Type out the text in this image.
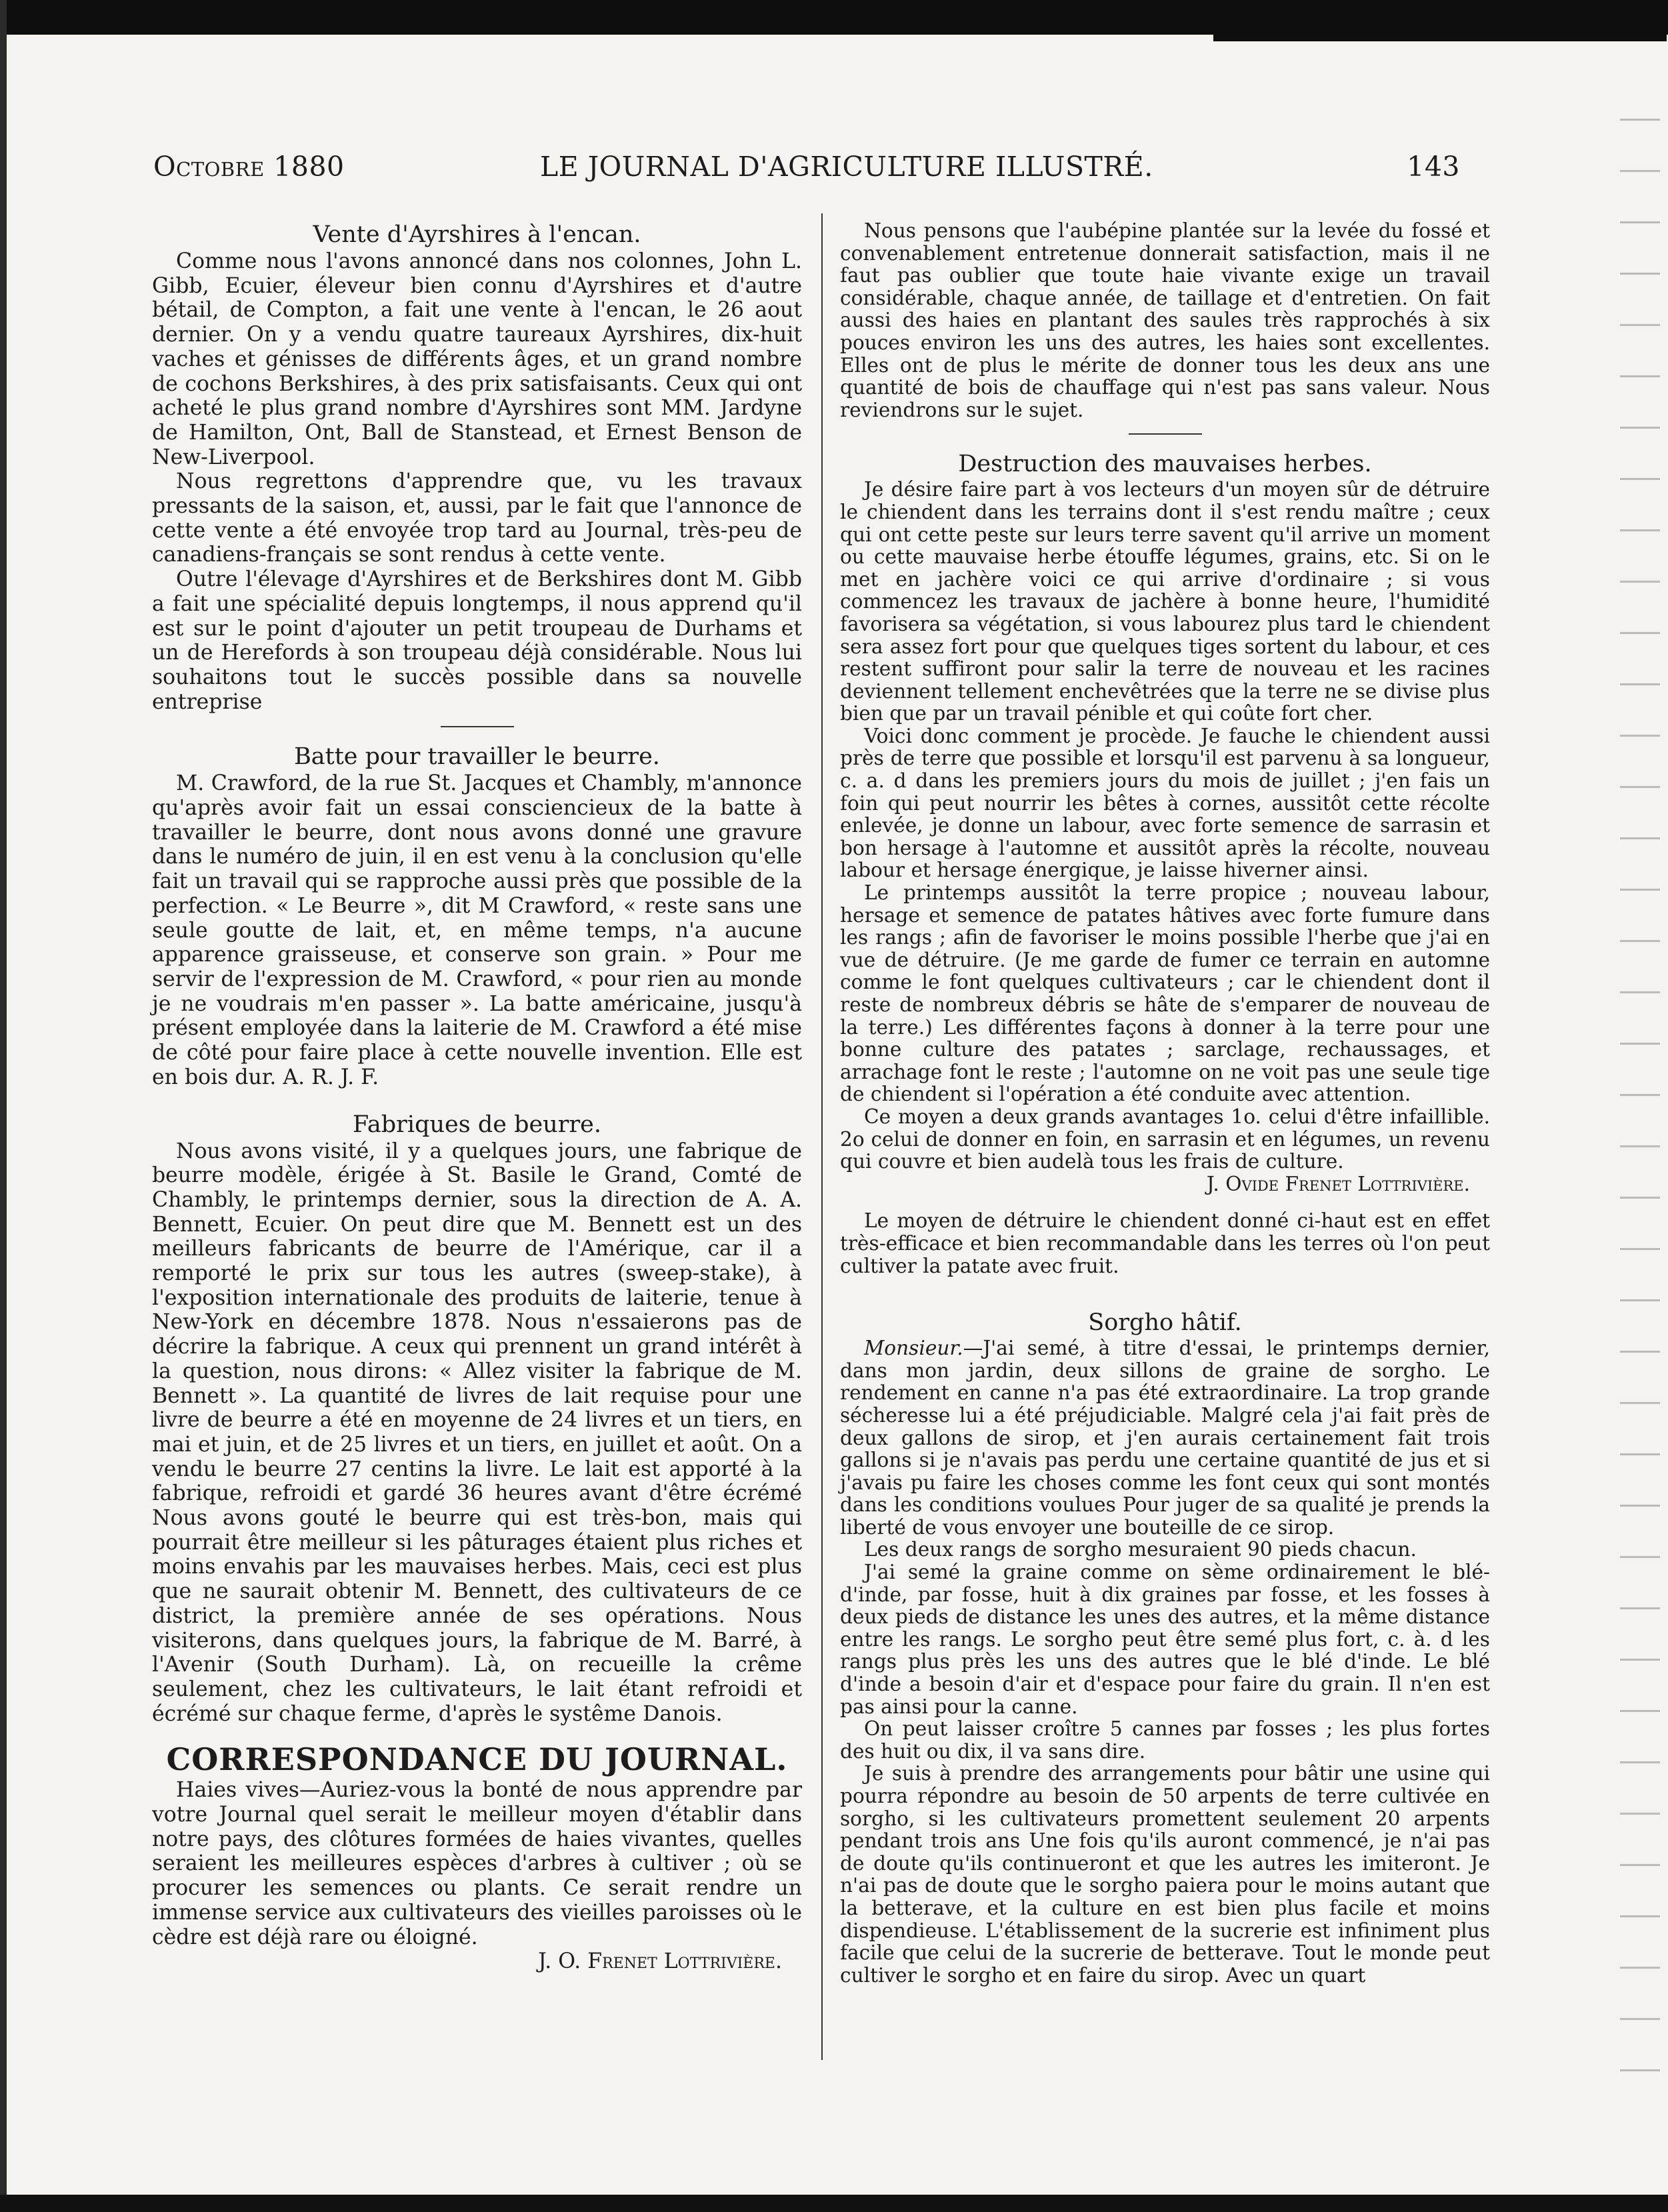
Octobre 1880	LE JOURNAL D'AGRICULTURE ILLUSTRÉ.	143
Vente d'Ayrshires à l'encan.

Comme nous l'avons annoncé dans nos colonnes, John L. Gibb, Ecuier, éleveur bien connu d'Ayrshires et d'autre bétail, de Compton, a fait une vente à l'encan, le 26 aout dernier. On y a vendu quatre taureaux Ayrshires, dix-huit vaches et génisses de différents âges, et un grand nombre de cochons Berkshires, à des prix satisfaisants. Ceux qui ont acheté le plus grand nombre d'Ayrshires sont MM. Jardyne de Hamilton, Ont, Ball de Stanstead, et Ernest Benson de New-Liverpool.

Nous regrettons d'apprendre que, vu les travaux pressants de la saison, et, aussi, par le fait que l'annonce de cette vente a été envoyée trop tard au Journal, très-peu de canadiens-français se sont rendus à cette vente.

Outre l'élevage d'Ayrshires et de Berkshires dont M. Gibb a fait une spécialité depuis longtemps, il nous apprend qu'il est sur le point d'ajouter un petit troupeau de Durhams et un de Herefords à son troupeau déjà considérable. Nous lui souhaitons tout le succès possible dans sa nouvelle entreprise

Batte pour travailler le beurre.

M. Crawford, de la rue St. Jacques et Chambly, m'annonce qu'après avoir fait un essai consciencieux de la batte à travailler le beurre, dont nous avons donné une gravure dans le numéro de juin, il en est venu à la conclusion qu'elle fait un travail qui se rapproche aussi près que possible de la perfection. « Le Beurre », dit M Crawford, « reste sans une seule goutte de lait, et, en même temps, n'a aucune apparence graisseuse, et conserve son grain. » Pour me servir de l'expression de M. Crawford, « pour rien au monde je ne voudrais m'en passer ». La batte américaine, jusqu'à présent employée dans la laiterie de M. Crawford a été mise de côté pour faire place à cette nouvelle invention. Elle est en bois dur. A. R. J. F.

Fabriques de beurre.

Nous avons visité, il y a quelques jours, une fabrique de beurre modèle, érigée à St. Basile le Grand, Comté de Chambly, le printemps dernier, sous la direction de A. A. Bennett, Ecuier. On peut dire que M. Bennett est un des meilleurs fabricants de beurre de l'Amérique, car il a remporté le prix sur tous les autres (sweep-stake), à l'exposition internationale des produits de laiterie, tenue à New-York en décembre 1878. Nous n'essaierons pas de décrire la fabrique. A ceux qui prennent un grand intérêt à la question, nous dirons: « Allez visiter la fabrique de M. Bennett ». La quantité de livres de lait requise pour une livre de beurre a été en moyenne de 24 livres et un tiers, en mai et juin, et de 25 livres et un tiers, en juillet et août. On a vendu le beurre 27 centins la livre. Le lait est apporté à la fabrique, refroidi et gardé 36 heures avant d'être écrémé Nous avons gouté le beurre qui est très-bon, mais qui pourrait être meilleur si les pâturages étaient plus riches et moins envahis par les mauvaises herbes. Mais, ceci est plus que ne saurait obtenir M. Bennett, des cultivateurs de ce district, la première année de ses opérations. Nous visiterons, dans quelques jours, la fabrique de M. Barré, à l'Avenir (South Durham). Là, on recueille la crême seulement, chez les cultivateurs, le lait étant refroidi et écrémé sur chaque ferme, d'après le systême Danois.

CORRESPONDANCE DU JOURNAL.

Haies vives—Auriez-vous la bonté de nous apprendre par votre Journal quel serait le meilleur moyen d'établir dans notre pays, des clôtures formées de haies vivantes, quelles seraient les meilleures espèces d'arbres à cultiver ; où se procurer les semences ou plants. Ce serait rendre un immense service aux cultivateurs des vieilles paroisses où le cèdre est déjà rare ou éloigné.

J. O. Frenet Lottrivière.

Nous pensons que l'aubépine plantée sur la levée du fossé et convenablement entretenue donnerait satisfaction, mais il ne faut pas oublier que toute haie vivante exige un travail considérable, chaque année, de taillage et d'entretien. On fait aussi des haies en plantant des saules très rapprochés à six pouces environ les uns des autres, les haies sont excellentes. Elles ont de plus le mérite de donner tous les deux ans une quantité de bois de chauffage qui n'est pas sans valeur. Nous reviendrons sur le sujet.

Destruction des mauvaises herbes.

Je désire faire part à vos lecteurs d'un moyen sûr de détruire le chiendent dans les terrains dont il s'est rendu maître ; ceux qui ont cette peste sur leurs terre savent qu'il arrive un moment ou cette mauvaise herbe étouffe légumes, grains, etc. Si on le met en jachère voici ce qui arrive d'ordinaire ; si vous commencez les travaux de jachère à bonne heure, l'humidité favorisera sa végétation, si vous labourez plus tard le chiendent sera assez fort pour que quelques tiges sortent du labour, et ces restent suffiront pour salir la terre de nouveau et les racines deviennent tellement enchevêtrées que la terre ne se divise plus bien que par un travail pénible et qui coûte fort cher.

Voici donc comment je procède. Je fauche le chiendent aussi près de terre que possible et lorsqu'il est parvenu à sa longueur, c. a. d dans les premiers jours du mois de juillet ; j'en fais un foin qui peut nourrir les bêtes à cornes, aussitôt cette récolte enlevée, je donne un labour, avec forte semence de sarrasin et bon hersage à l'automne et aussitôt après la récolte, nouveau labour et hersage énergique, je laisse hiverner ainsi.

Le printemps aussitôt la terre propice ; nouveau labour, hersage et semence de patates hâtives avec forte fumure dans les rangs ; afin de favoriser le moins possible l'herbe que j'ai en vue de détruire. (Je me garde de fumer ce terrain en automne comme le font quelques cultivateurs ; car le chiendent dont il reste de nombreux débris se hâte de s'emparer de nouveau de la terre.) Les différentes façons à donner à la terre pour une bonne culture des patates ; sarclage, rechaussages, et arrachage font le reste ; l'automne on ne voit pas une seule tige de chiendent si l'opération a été conduite avec attention.

Ce moyen a deux grands avantages 1o. celui d'être infaillible. 2o celui de donner en foin, en sarrasin et en légumes, un revenu qui couvre et bien audelà tous les frais de culture.

J. Ovide Frenet Lottrivière.

Le moyen de détruire le chiendent donné ci-haut est en effet très-efficace et bien recommandable dans les terres où l'on peut cultiver la patate avec fruit.

Sorgho hâtif.

Monsieur.—J'ai semé, à titre d'essai, le printemps dernier, dans mon jardin, deux sillons de graine de sorgho. Le rendement en canne n'a pas été extraordinaire. La trop grande sécheresse lui a été préjudiciable. Malgré cela j'ai fait près de deux gallons de sirop, et j'en aurais certainement fait trois gallons si je n'avais pas perdu une certaine quantité de jus et si j'avais pu faire les choses comme les font ceux qui sont montés dans les conditions voulues Pour juger de sa qualité je prends la liberté de vous envoyer une bouteille de ce sirop.

Les deux rangs de sorgho mesuraient 90 pieds chacun.

J'ai semé la graine comme on sème ordinairement le blé-d'inde, par fosse, huit à dix graines par fosse, et les fosses à deux pieds de distance les unes des autres, et la même distance entre les rangs. Le sorgho peut être semé plus fort, c. à. d les rangs plus près les uns des autres que le blé d'inde. Le blé d'inde a besoin d'air et d'espace pour faire du grain. Il n'en est pas ainsi pour la canne.

On peut laisser croître 5 cannes par fosses ; les plus fortes des huit ou dix, il va sans dire.

Je suis à prendre des arrangements pour bâtir une usine qui pourra répondre au besoin de 50 arpents de terre cultivée en sorgho, si les cultivateurs promettent seulement 20 arpents pendant trois ans Une fois qu'ils auront commencé, je n'ai pas de doute qu'ils continueront et que les autres les imiteront. Je n'ai pas de doute que le sorgho paiera pour le moins autant que la betterave, et la culture en est bien plus facile et moins dispendieuse. L'établissement de la sucrerie est infiniment plus facile que celui de la sucrerie de betterave. Tout le monde peut cultiver le sorgho et en faire du sirop. Avec un quart
